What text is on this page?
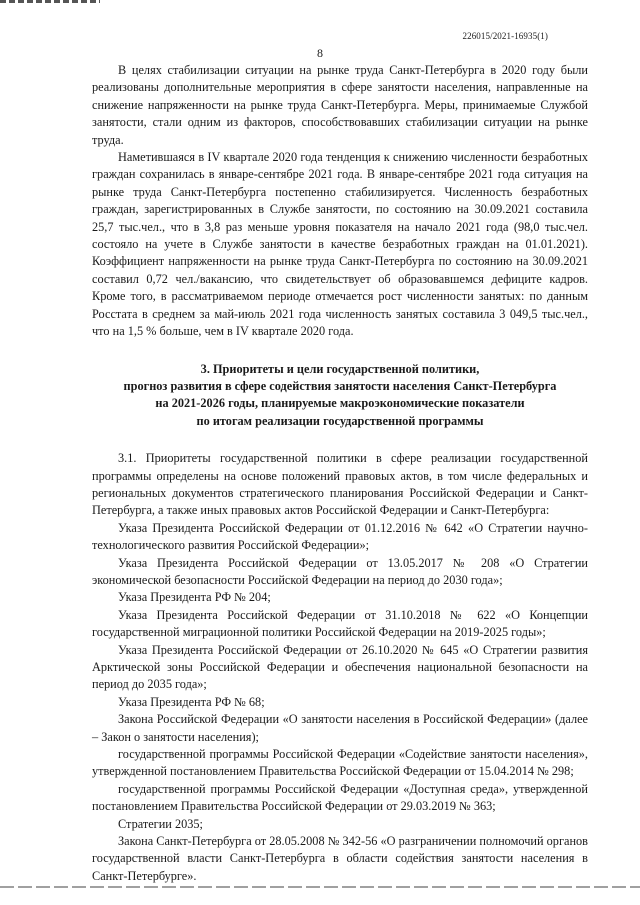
226015/2021-16935(1)
8

В целях стабилизации ситуации на рынке труда Санкт-Петербурга в 2020 году были реализованы дополнительные мероприятия в сфере занятости населения, направленные на снижение напряженности на рынке труда Санкт-Петербурга. Меры, принимаемые Службой занятости, стали одним из факторов, способствовавших стабилизации ситуации на рынке труда.

Наметившаяся в IV квартале 2020 года тенденция к снижению численности безработных граждан сохранилась в январе-сентябре 2021 года. В январе-сентябре 2021 года ситуация на рынке труда Санкт-Петербурга постепенно стабилизируется. Численность безработных граждан, зарегистрированных в Службе занятости, по состоянию на 30.09.2021 составила 25,7 тыс.чел., что в 3,8 раз меньше уровня показателя на начало 2021 года (98,0 тыс.чел. состояло на учете в Службе занятости в качестве безработных граждан на 01.01.2021). Коэффициент напряженности на рынке труда Санкт-Петербурга по состоянию на 30.09.2021 составил 0,72 чел./вакансию, что свидетельствует об образовавшемся дефиците кадров. Кроме того, в рассматриваемом периоде отмечается рост численности занятых: по данным Росстата в среднем за май-июль 2021 года численность занятых составила 3 049,5 тыс.чел., что на 1,5 % больше, чем в IV квартале 2020 года.

3. Приоритеты и цели государственной политики,
прогноз развития в сфере содействия занятости населения Санкт-Петербурга
на 2021-2026 годы, планируемые макроэкономические показатели
по итогам реализации государственной программы

3.1. Приоритеты государственной политики в сфере реализации государственной программы определены на основе положений правовых актов, в том числе федеральных и региональных документов стратегического планирования Российской Федерации и Санкт-Петербурга, а также иных правовых актов Российской Федерации и Санкт-Петербурга:

Указа Президента Российской Федерации от 01.12.2016 № 642 «О Стратегии научно-технологического развития Российской Федерации»;

Указа Президента Российской Федерации от 13.05.2017 № 208 «О Стратегии экономической безопасности Российской Федерации на период до 2030 года»;

Указа Президента РФ № 204;

Указа Президента Российской Федерации от 31.10.2018 № 622 «О Концепции государственной миграционной политики Российской Федерации на 2019-2025 годы»;

Указа Президента Российской Федерации от 26.10.2020 № 645 «О Стратегии развития Арктической зоны Российской Федерации и обеспечения национальной безопасности на период до 2035 года»;

Указа Президента РФ № 68;

Закона Российской Федерации «О занятости населения в Российской Федерации» (далее – Закон о занятости населения);

государственной программы Российской Федерации «Содействие занятости населения», утвержденной постановлением Правительства Российской Федерации от 15.04.2014 № 298;

государственной программы Российской Федерации «Доступная среда», утвержденной постановлением Правительства Российской Федерации от 29.03.2019 № 363;

Стратегии 2035;

Закона Санкт-Петербурга от 28.05.2008 № 342-56 «О разграничении полномочий органов государственной власти Санкт-Петербурга в области содействия занятости населения в Санкт-Петербурге».
